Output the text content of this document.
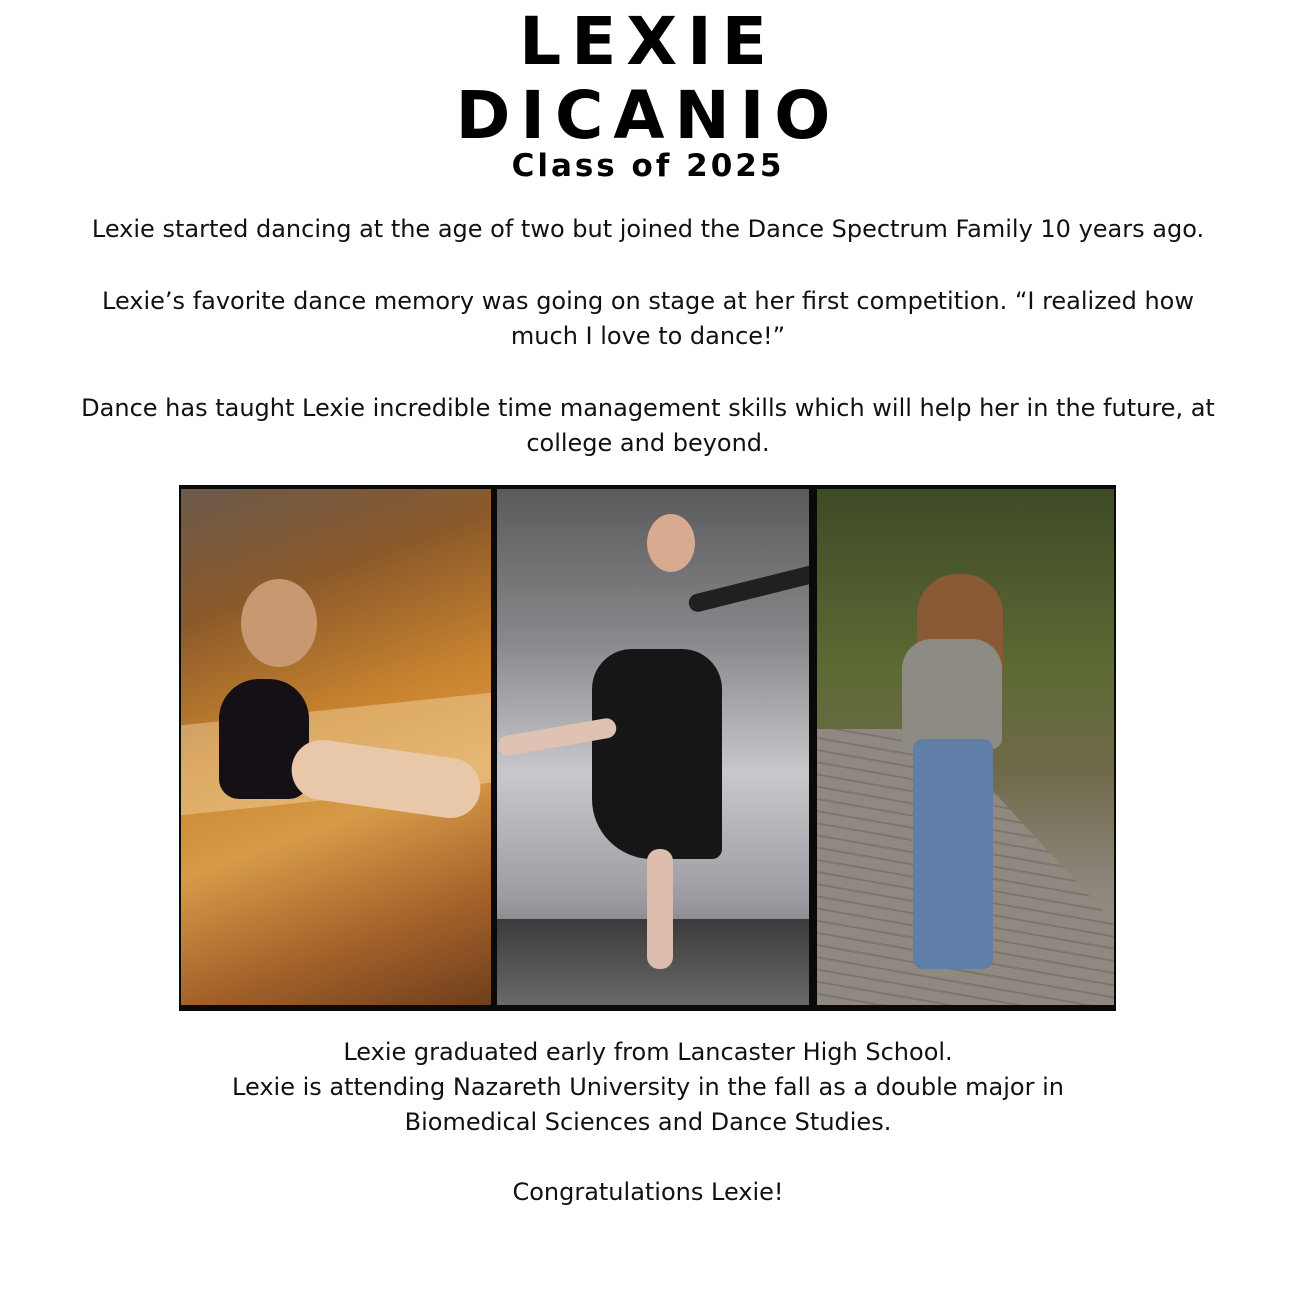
LEXIE
DICANIO
Class of 2025

Lexie started dancing at the age of two but joined the Dance Spectrum Family 10 years ago.

Lexie’s favorite dance memory was going on stage at her first competition. “I realized how much I love to dance!”

Dance has taught Lexie incredible time management skills which will help her in the future, at college and beyond.

Lexie graduated early from Lancaster High School.
Lexie is attending Nazareth University in the fall as a double major in
Biomedical Sciences and Dance Studies.
Congratulations Lexie!
